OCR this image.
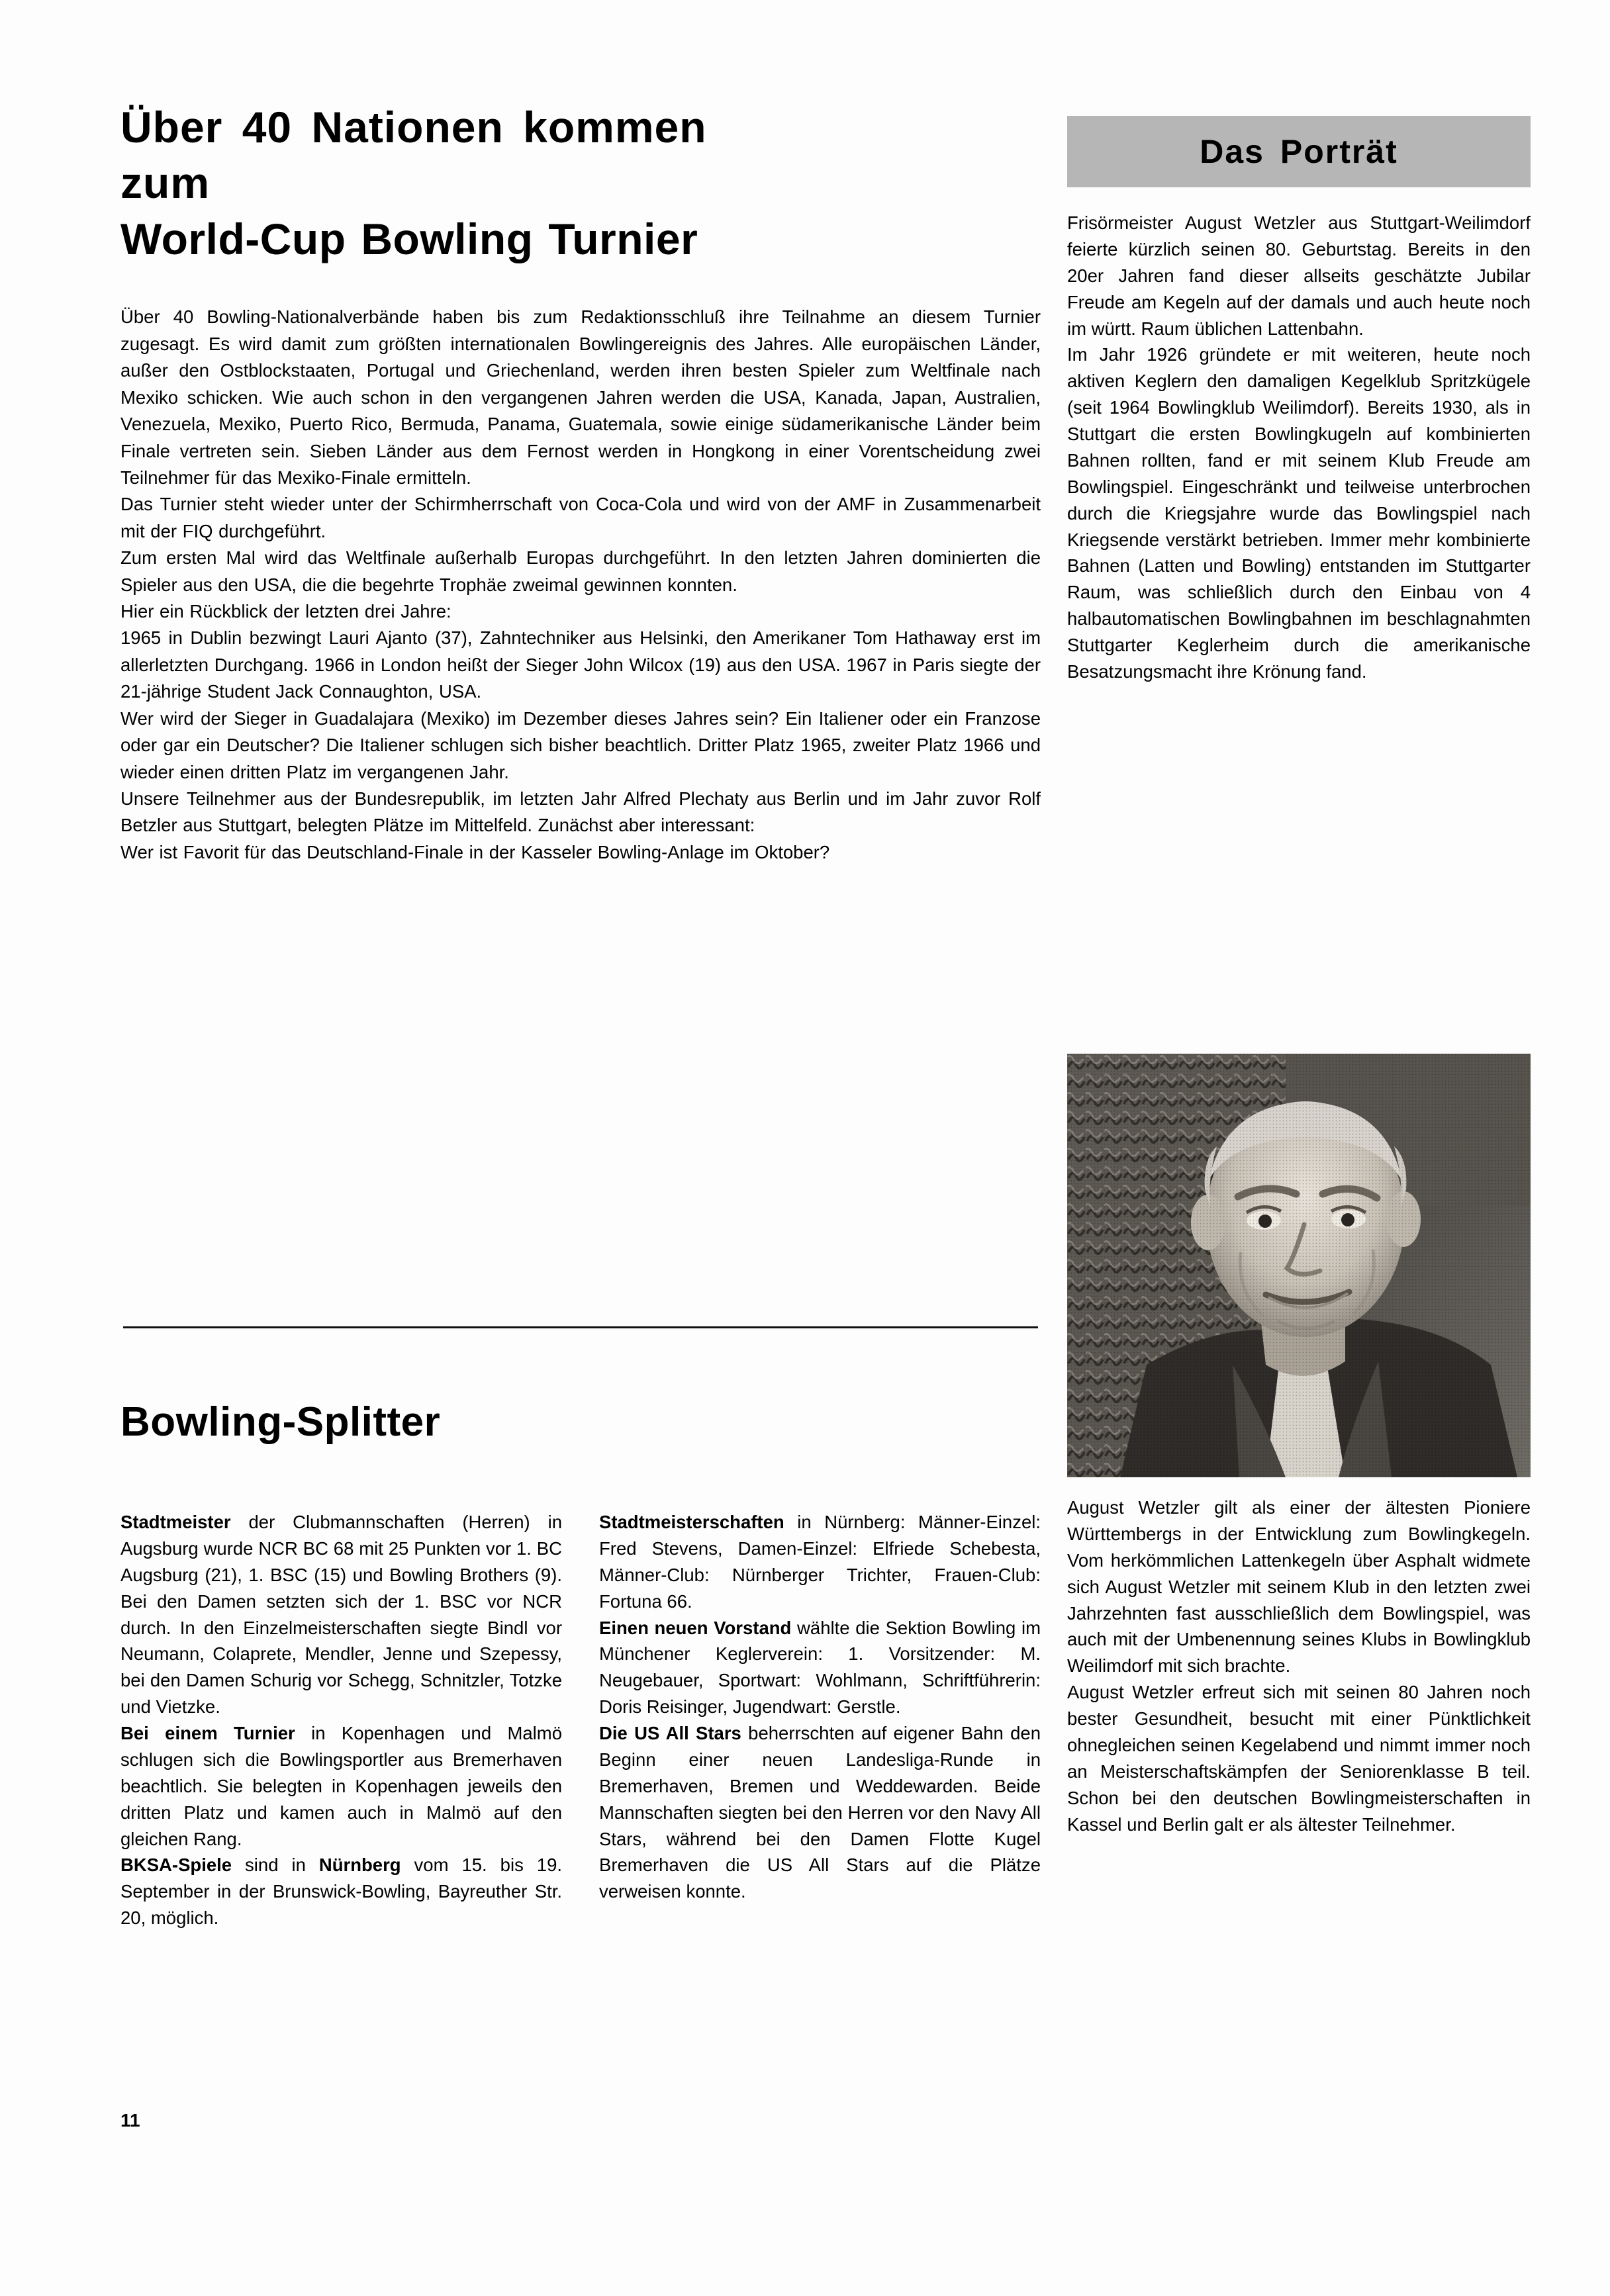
Über 40 Nationen kommen
zum
World-Cup Bowling Turnier

Über 40 Bowling-Nationalverbände haben bis zum Redaktionsschluß ihre Teilnahme an diesem Turnier zugesagt. Es wird damit zum größten internationalen Bowlingereignis des Jahres. Alle europäischen Länder, außer den Ostblockstaaten, Portugal und Griechenland, werden ihren besten Spieler zum Weltfinale nach Mexiko schicken. Wie auch schon in den vergangenen Jahren werden die USA, Kanada, Japan, Australien, Venezuela, Mexiko, Puerto Rico, Bermuda, Panama, Guatemala, sowie einige südamerikanische Länder beim Finale vertreten sein. Sieben Länder aus dem Fernost werden in Hongkong in einer Vorentscheidung zwei Teilnehmer für das Mexiko-Finale ermitteln.

Das Turnier steht wieder unter der Schirmherrschaft von Coca-Cola und wird von der AMF in Zusammenarbeit mit der FIQ durchgeführt.

Zum ersten Mal wird das Weltfinale außerhalb Europas durchgeführt. In den letzten Jahren dominierten die Spieler aus den USA, die die begehrte Trophäe zweimal gewinnen konnten.

Hier ein Rückblick der letzten drei Jahre:

1965 in Dublin bezwingt Lauri Ajanto (37), Zahntechniker aus Helsinki, den Amerikaner Tom Hathaway erst im allerletzten Durchgang. 1966 in London heißt der Sieger John Wilcox (19) aus den USA. 1967 in Paris siegte der 21-jährige Student Jack Connaughton, USA.

Wer wird der Sieger in Guadalajara (Mexiko) im Dezember dieses Jahres sein? Ein Italiener oder ein Franzose oder gar ein Deutscher? Die Italiener schlugen sich bisher beachtlich. Dritter Platz 1965, zweiter Platz 1966 und wieder einen dritten Platz im vergangenen Jahr.

Unsere Teilnehmer aus der Bundesrepublik, im letzten Jahr Alfred Plechaty aus Berlin und im Jahr zuvor Rolf Betzler aus Stuttgart, belegten Plätze im Mittelfeld. Zunächst aber interessant:

Wer ist Favorit für das Deutschland-Finale in der Kasseler Bowling-Anlage im Oktober?

Das Porträt

Frisörmeister August Wetzler aus Stuttgart-Weilimdorf feierte kürzlich seinen 80. Geburtstag. Bereits in den 20er Jahren fand dieser allseits geschätzte Jubilar Freude am Kegeln auf der damals und auch heute noch im württ. Raum üblichen Lattenbahn.

Im Jahr 1926 gründete er mit weiteren, heute noch aktiven Keglern den damaligen Kegelklub Spritzkügele (seit 1964 Bowlingklub Weilimdorf). Bereits 1930, als in Stuttgart die ersten Bowlingkugeln auf kombinierten Bahnen rollten, fand er mit seinem Klub Freude am Bowlingspiel. Eingeschränkt und teilweise unterbrochen durch die Kriegsjahre wurde das Bowlingspiel nach Kriegsende verstärkt betrieben. Immer mehr kombinierte Bahnen (Latten und Bowling) entstanden im Stuttgarter Raum, was schließlich durch den Einbau von 4 halbautomatischen Bowlingbahnen im beschlagnahmten Stuttgarter Keglerheim durch die amerikanische Besatzungsmacht ihre Krönung fand.

August Wetzler gilt als einer der ältesten Pioniere Württembergs in der Entwicklung zum Bowlingkegeln. Vom herkömmlichen Lattenkegeln über Asphalt widmete sich August Wetzler mit seinem Klub in den letzten zwei Jahrzehnten fast ausschließlich dem Bowlingspiel, was auch mit der Umbenennung seines Klubs in Bowlingklub Weilimdorf mit sich brachte.

August Wetzler erfreut sich mit seinen 80 Jahren noch bester Gesundheit, besucht mit einer Pünktlichkeit ohnegleichen seinen Kegelabend und nimmt immer noch an Meisterschaftskämpfen der Seniorenklasse B teil. Schon bei den deutschen Bowlingmeisterschaften in Kassel und Berlin galt er als ältester Teilnehmer.

Bowling-Splitter

Stadtmeister der Clubmannschaften (Herren) in Augsburg wurde NCR BC 68 mit 25 Punkten vor 1. BC Augsburg (21), 1. BSC (15) und Bowling Brothers (9). Bei den Damen setzten sich der 1. BSC vor NCR durch. In den Einzelmeisterschaften siegte Bindl vor Neumann, Colaprete, Mendler, Jenne und Szepessy, bei den Damen Schurig vor Schegg, Schnitzler, Totzke und Vietzke.

Bei einem Turnier in Kopenhagen und Malmö schlugen sich die Bowlingsportler aus Bremerhaven beachtlich. Sie belegten in Kopenhagen jeweils den dritten Platz und kamen auch in Malmö auf den gleichen Rang.

BKSA-Spiele sind in Nürnberg vom 15. bis 19. September in der Brunswick-Bowling, Bayreuther Str. 20, möglich.

Stadtmeisterschaften in Nürnberg: Männer-Einzel: Fred Stevens, Damen-Einzel: Elfriede Schebesta, Männer-Club: Nürnberger Trichter, Frauen-Club: Fortuna 66.

Einen neuen Vorstand wählte die Sektion Bowling im Münchener Keglerverein: 1. Vorsitzender: M. Neugebauer, Sportwart: Wohlmann, Schriftführerin: Doris Reisinger, Jugendwart: Gerstle.

Die US All Stars beherrschten auf eigener Bahn den Beginn einer neuen Landesliga-Runde in Bremerhaven, Bremen und Weddewarden. Beide Mannschaften siegten bei den Herren vor den Navy All Stars, während bei den Damen Flotte Kugel Bremerhaven die US All Stars auf die Plätze verweisen konnte.

11
